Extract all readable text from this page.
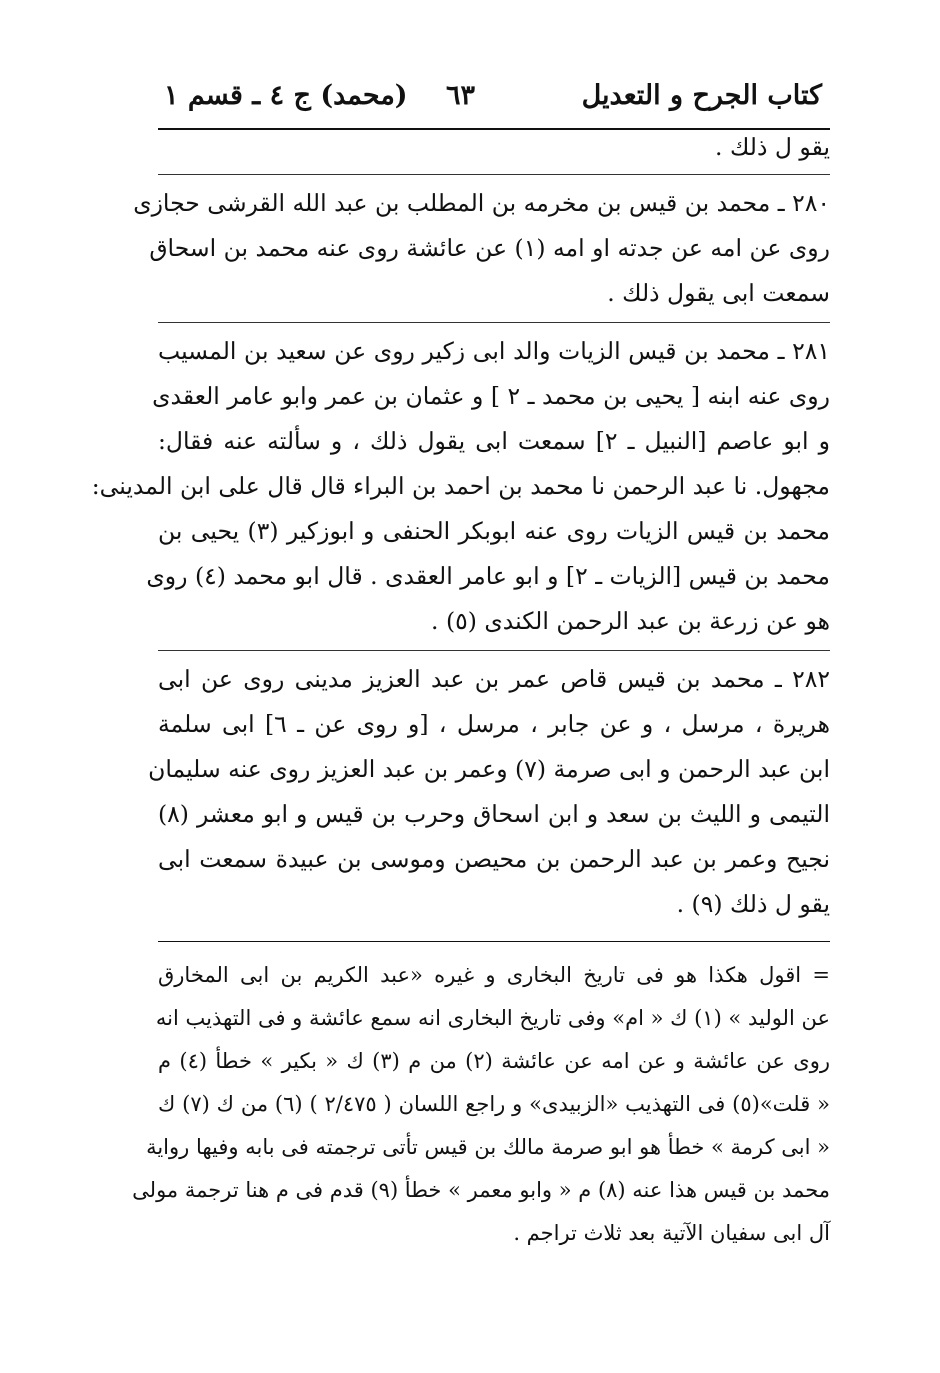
كتاب الجرح و التعديل
٦٣
(محمد) ج ٤ ـ قسم ١
يقو ل ذلك .
٢٨٠ ـ محمد بن قيس بن مخرمه بن المطلب بن عبد الله القرشى حجازى
روى عن امه عن جدته او امه (١) عن عائشة روى عنه محمد بن اسحاق
سمعت ابى يقول ذلك .
٢٨١ ـ محمد بن قيس الزيات والد ابى زكير روى عن سعيد بن المسيب
روى عنه ابنه [ يحيى بن محمد ـ ٢ ] و عثمان بن عمر وابو عامر العقدى
و ابو عاصم [النبيل ـ ٢] سمعت ابى يقول ذلك ، و سألته عنه فقال:
مجهول. نا عبد الرحمن نا محمد بن احمد بن البراء قال قال على ابن المدينى:
محمد بن قيس الزيات روى عنه ابوبكر الحنفى و ابوزكير (٣) يحيى بن
محمد بن قيس [الزيات ـ ٢] و ابو عامر العقدى . قال ابو محمد (٤) روى
هو عن زرعة بن عبد الرحمن الكندى (٥) .
٢٨٢ ـ محمد بن قيس قاص عمر بن عبد العزيز مدينى روى عن ابى
هريرة ، مرسل ، و عن جابر ، مرسل ، [و روى عن ـ ٦] ابى سلمة
ابن عبد الرحمن و ابى صرمة (٧) وعمر بن عبد العزيز روى عنه سليمان
التيمى و الليث بن سعد و ابن اسحاق وحرب بن قيس و ابو معشر (٨)
نجيح وعمر بن عبد الرحمن بن محيصن وموسى بن عبيدة سمعت ابى
يقو ل ذلك (٩) .
= اقول هكذا هو فى تاريخ البخارى و غيره «عبد الكريم بن ابى المخارق
عن الوليد » (١) ك « ام» وفى تاريخ البخارى انه سمع عائشة و فى التهذيب انه
روى عن عائشة و عن امه عن عائشة (٢) من م (٣) ك « بكير » خطأ (٤) م
« قلت»(٥) فى التهذيب «الزبيدى» و راجع اللسان ( ٢/٤٧٥ ) (٦) من ك (٧) ك
« ابى كرمة » خطأ هو ابو صرمة مالك بن قيس تأتى ترجمته فى بابه وفيها رواية
محمد بن قيس هذا عنه (٨) م « وابو معمر » خطأ (٩) قدم فى م هنا ترجمة مولى
آل ابى سفيان الآتية بعد ثلاث تراجم .
